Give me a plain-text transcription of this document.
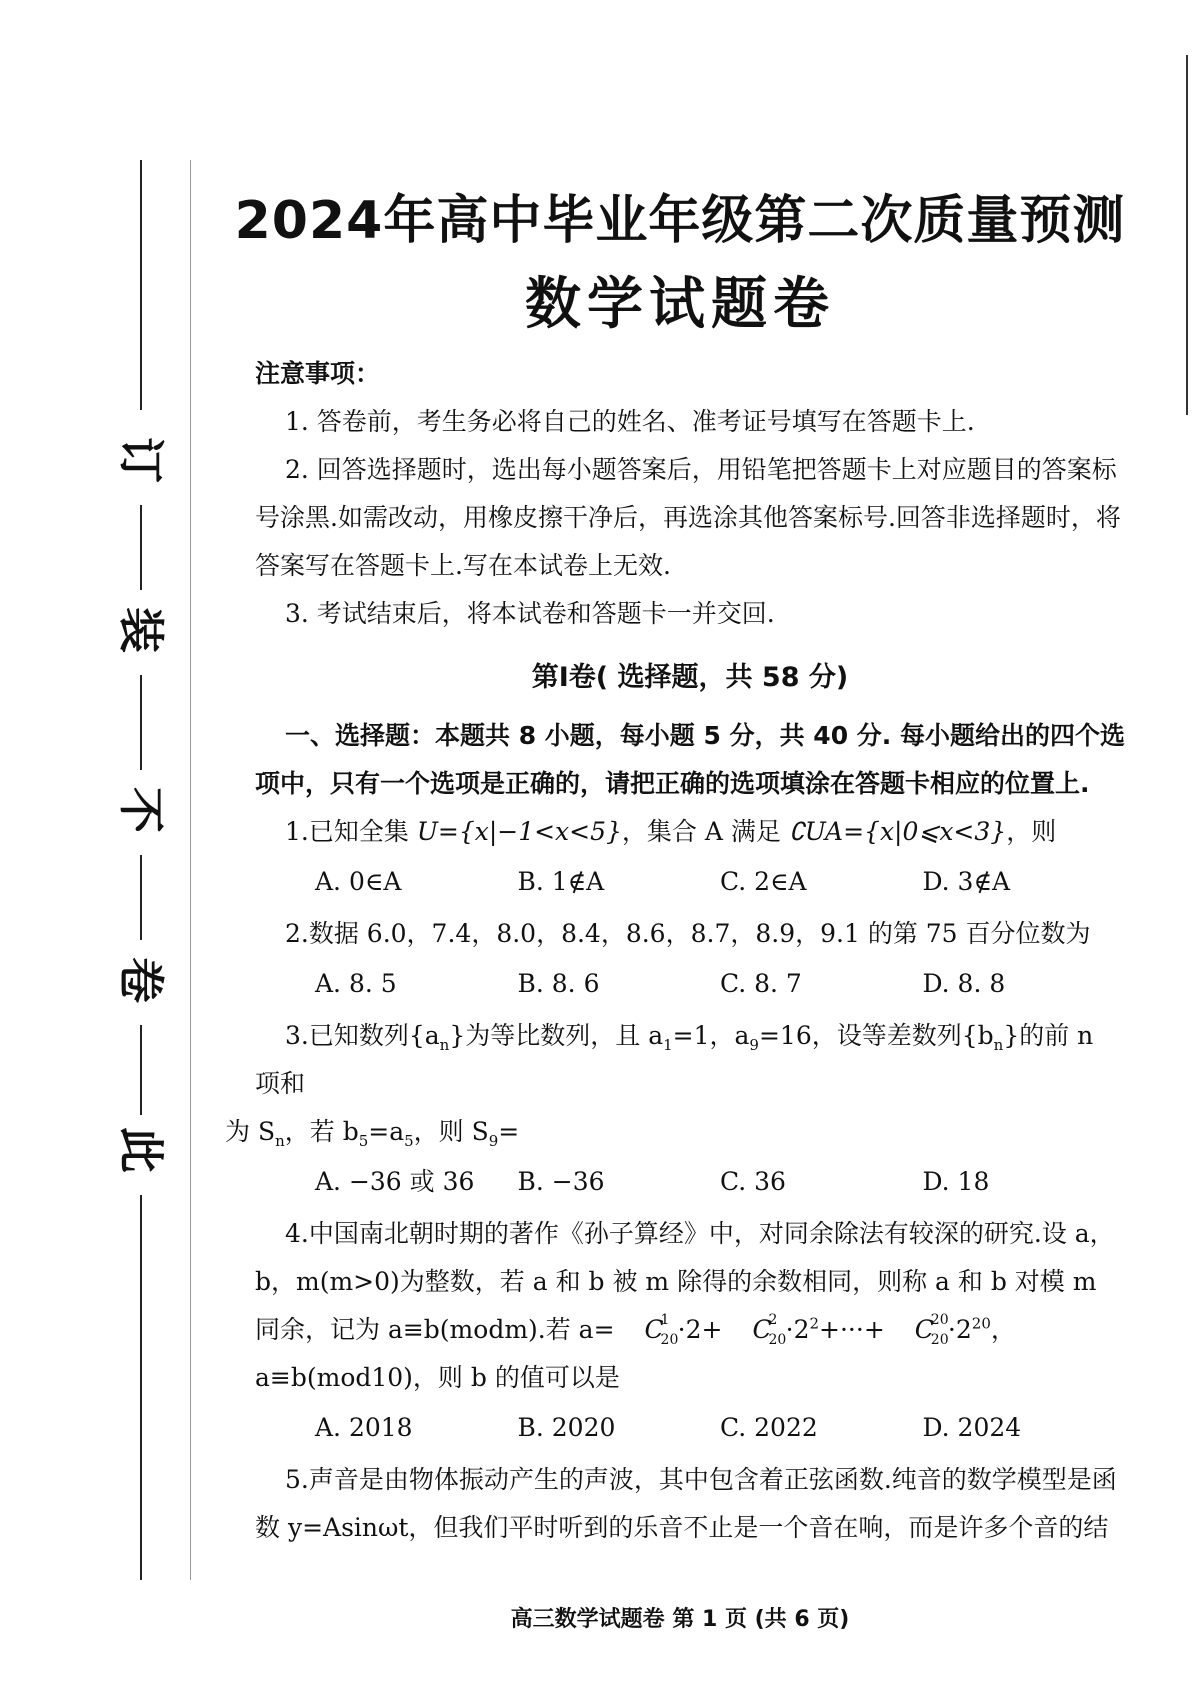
订
装
不
卷
此
2024年高中毕业年级第二次质量预测
数学试题卷

注意事项：

1. 答卷前，考生务必将自己的姓名、准考证号填写在答题卡上.

2. 回答选择题时，选出每小题答案后，用铅笔把答题卡上对应题目的答案标号涂黑.如需改动，用橡皮擦干净后，再选涂其他答案标号.回答非选择题时，将答案写在答题卡上.写在本试卷上无效.

3. 考试结束后，将本试卷和答题卡一并交回.

第Ⅰ卷( 选择题，共 58 分)

一、选择题：本题共 8 小题，每小题 5 分，共 40 分. 每小题给出的四个选项中，只有一个选项是正确的，请把正确的选项填涂在答题卡相应的位置上.

1.已知全集 U={x|−1<x<5}，集合 A 满足 ∁UA={x|0⩽x<3}，则

A. 0∈A	B. 1∉A	C. 2∈A	D. 3∉A

2.数据 6.0，7.4，8.0，8.4，8.6，8.7，8.9，9.1 的第 75 百分位数为

A. 8. 5	B. 8. 6	C. 8. 7	D. 8. 8

3.已知数列$\{a_n\}$为等比数列，且 $a_1=1$，$a_9=16$，设等差数列$\{b_n\}$的前 n 项和
为 $S_n$，若 $b_5=a_5$，则 $S_9=$

A. −36 或 36	B. −36	C. 36	D. 18

4.中国南北朝时期的著作《孙子算经》中，对同余除法有较深的研究.设 a，b，m(m>0)为整数，若 a 和 b 被 m 除得的余数相同，则称 a 和 b 对模 m 同余，记为 a≡b(modm).若 a= C
1
20 ·2+ C
2
$20 \cdot 2^2+\cdot\cdot\cdot+ C$
20
$20 \cdot 2^{20}$，a≡b(mod10)，则 b 的值可以是

A. 2018	B. 2020	C. 2022	D. 2024

5.声音是由物体振动产生的声波，其中包含着正弦函数.纯音的数学模型是函数 y=Asinωt，但我们平时听到的乐音不止是一个音在响，而是许多个音的结

高三数学试题卷 第 1 页 (共 6 页)
